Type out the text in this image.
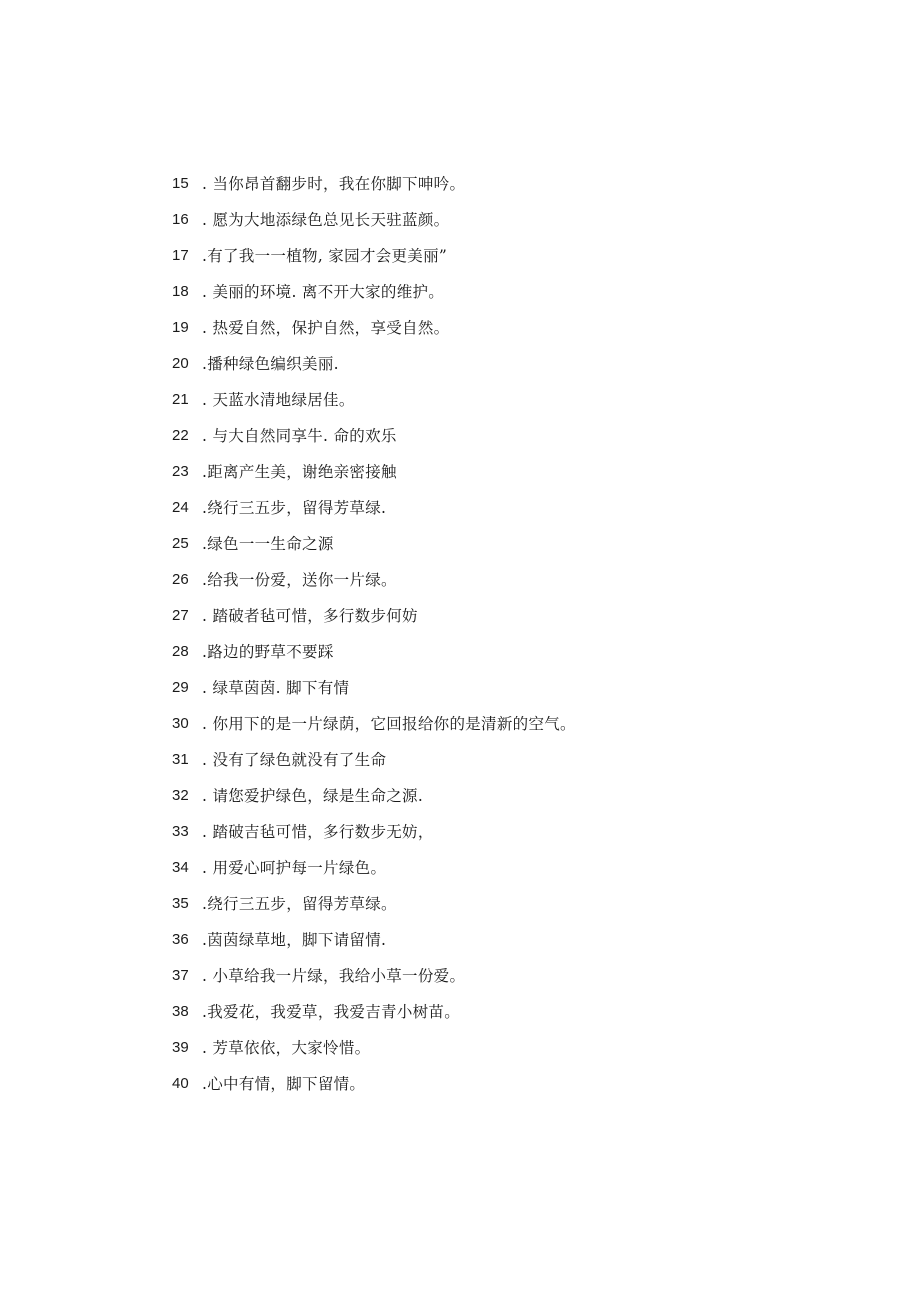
15 . 当你昂首翻步时，我在你脚下呻吟。
16 . 愿为大地添绿色总见长天驻蓝颜。
17 .有了我一一植物, 家园才会更美丽”
18 . 美丽的环境. 离不开大家的维护。
19 . 热爱自然，保护自然，享受自然。
20 .播种绿色编织美丽.
21 . 天蓝水清地绿居佳。
22 . 与大自然同享牛. 命的欢乐
23 .距离产生美，谢绝亲密接触
24 .绕行三五步，留得芳草绿.
25 .绿色一一生命之源
26 .给我一份爱，送你一片绿。
27 . 踏破者毡可惜，多行数步何妨
28 .路边的野草不要踩
29 . 绿草茵茵. 脚下有情
30 . 你用下的是一片绿荫，它回报给你的是清新的空气。
31 . 没有了绿色就没有了生命
32 . 请您爱护绿色，绿是生命之源.
33 . 踏破吉毡可惜，多行数步无妨，
34 . 用爱心呵护每一片绿色。
35 .绕行三五步，留得芳草绿。
36 .茵茵绿草地，脚下请留情.
37 . 小草给我一片绿，我给小草一份爱。
38 .我爱花，我爱草，我爱吉青小树苗。
39 . 芳草依依，大家怜惜。
40 .心中有情，脚下留情。
